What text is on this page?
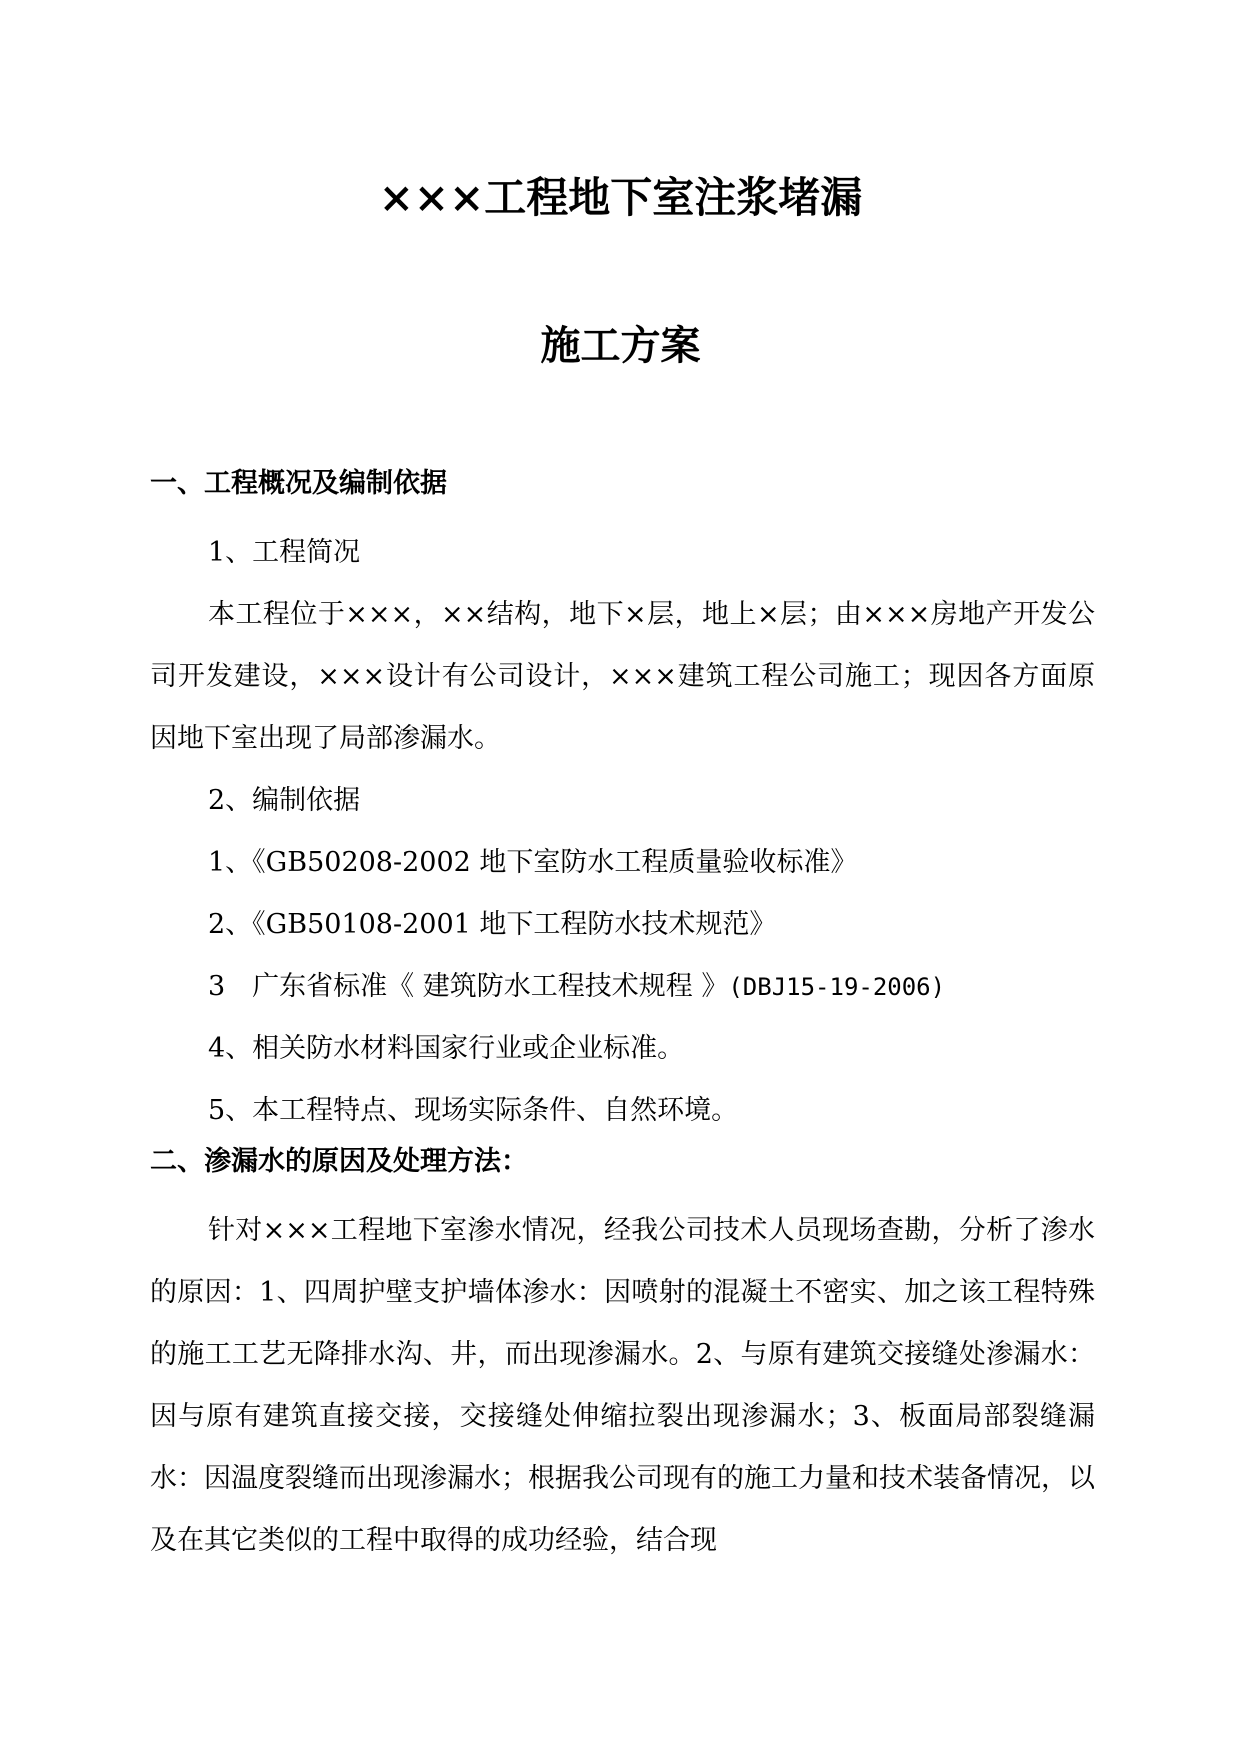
×××工程地下室注浆堵漏
施工方案
一、工程概况及编制依据
1、工程简况

本工程位于×××，××结构，地下×层，地上×层；由×××房地产开发公司开发建设，×××设计有公司设计，×××建筑工程公司施工；现因各方面原因地下室出现了局部渗漏水。

2、编制依据
1、《GB50208-2002 地下室防水工程质量验收标准》
2、《GB50108-2001 地下工程防水技术规范》
3　广东省标准《 建筑防水工程技术规程 》(DBJ15-19-2006)
4、相关防水材料国家行业或企业标准。
5、本工程特点、现场实际条件、自然环境。
二、渗漏水的原因及处理方法：

针对×××工程地下室渗水情况，经我公司技术人员现场查勘，分析了渗水的原因：1、四周护壁支护墙体渗水：因喷射的混凝土不密实、加之该工程特殊的施工工艺无降排水沟、井，而出现渗漏水。2、与原有建筑交接缝处渗漏水：因与原有建筑直接交接，交接缝处伸缩拉裂出现渗漏水；3、板面局部裂缝漏水：因温度裂缝而出现渗漏水；根据我公司现有的施工力量和技术装备情况，以及在其它类似的工程中取得的成功经验，结合现
